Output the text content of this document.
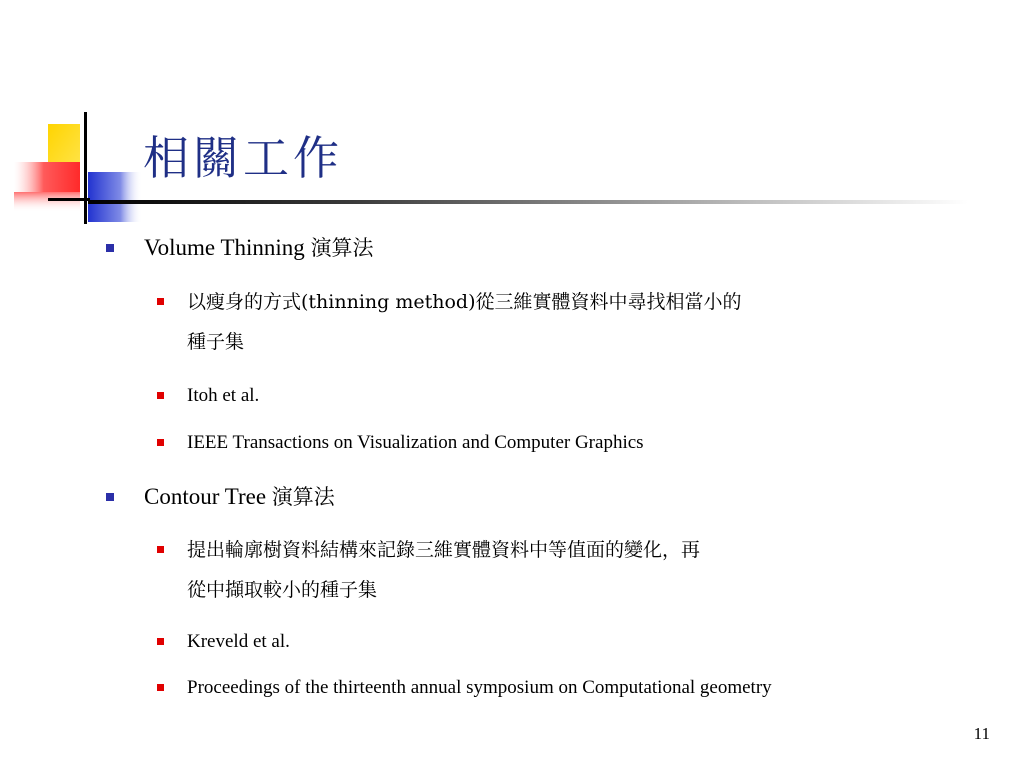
相關工作
Volume Thinning 演算法
以瘦身的方式(thinning method)從三維實體資料中尋找相當小的
種子集
Itoh et al.
IEEE Transactions on Visualization and Computer Graphics
Contour Tree 演算法
提出輪廓樹資料結構來記錄三維實體資料中等值面的變化，再
從中擷取較小的種子集
Kreveld et al.
Proceedings of the thirteenth annual symposium on Computational geometry
11
